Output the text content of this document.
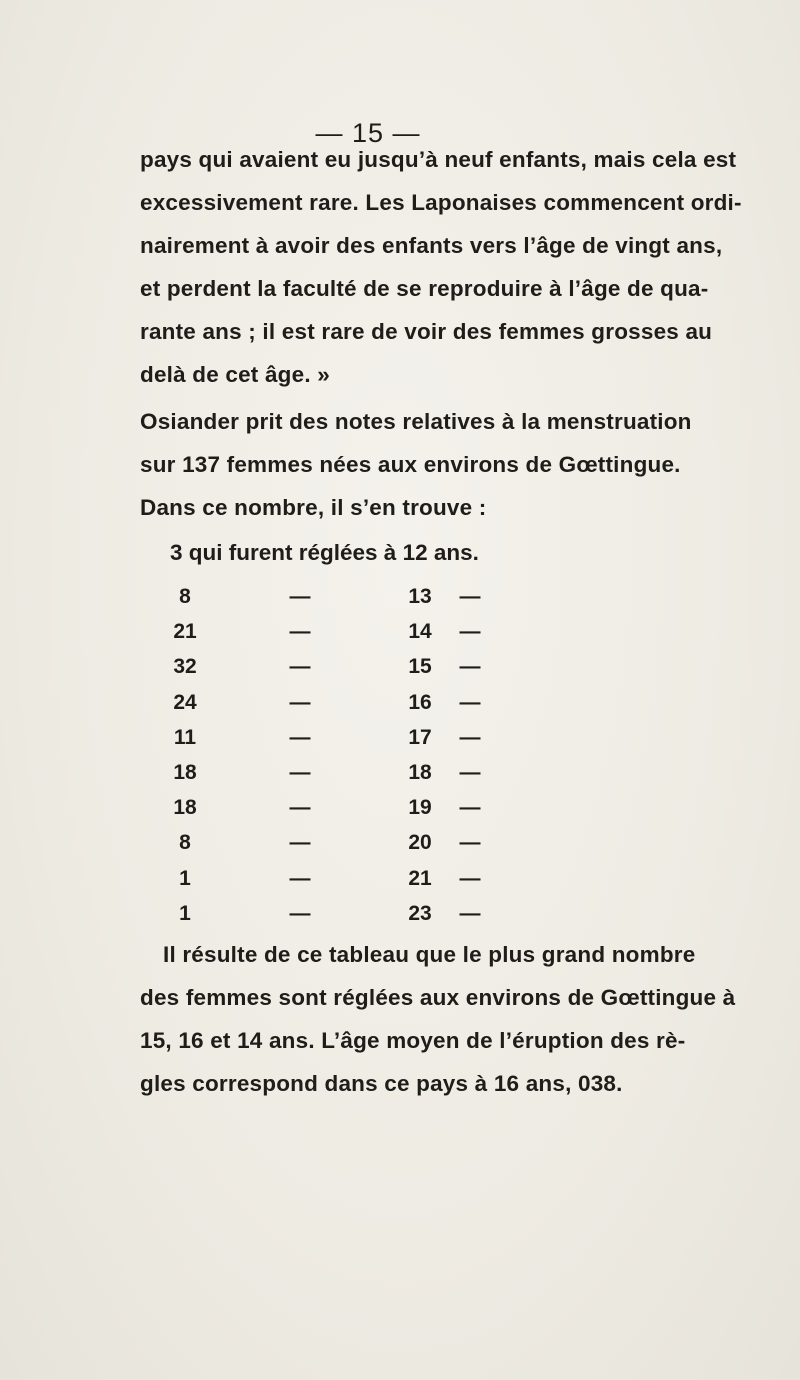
— 15 —
pays qui avaient eu jusqu’à neuf enfants, mais cela est
excessivement rare. Les Laponaises commencent ordi-
nairement à avoir des enfants vers l’âge de vingt ans,
et perdent la faculté de se reproduire à l’âge de qua-
rante ans ; il est rare de voir des femmes grosses au
delà de cet âge. »
Osiander prit des notes relatives à la menstruation
sur 137 femmes nées aux environs de Gœttingue.
Dans ce nombre, il s’en trouve :
3 qui furent réglées à 12 ans.
8	—	13	—
21	—	14	—
32	—	15	—
24	—	16	—
11	—	17	—
18	—	18	—
18	—	19	—
8	—	20	—
1	—	21	—
1	—	23	—
Il résulte de ce tableau que le plus grand nombre
des femmes sont réglées aux environs de Gœttingue à
15, 16 et 14 ans. L’âge moyen de l’éruption des rè-
gles correspond dans ce pays à 16 ans, 038.
